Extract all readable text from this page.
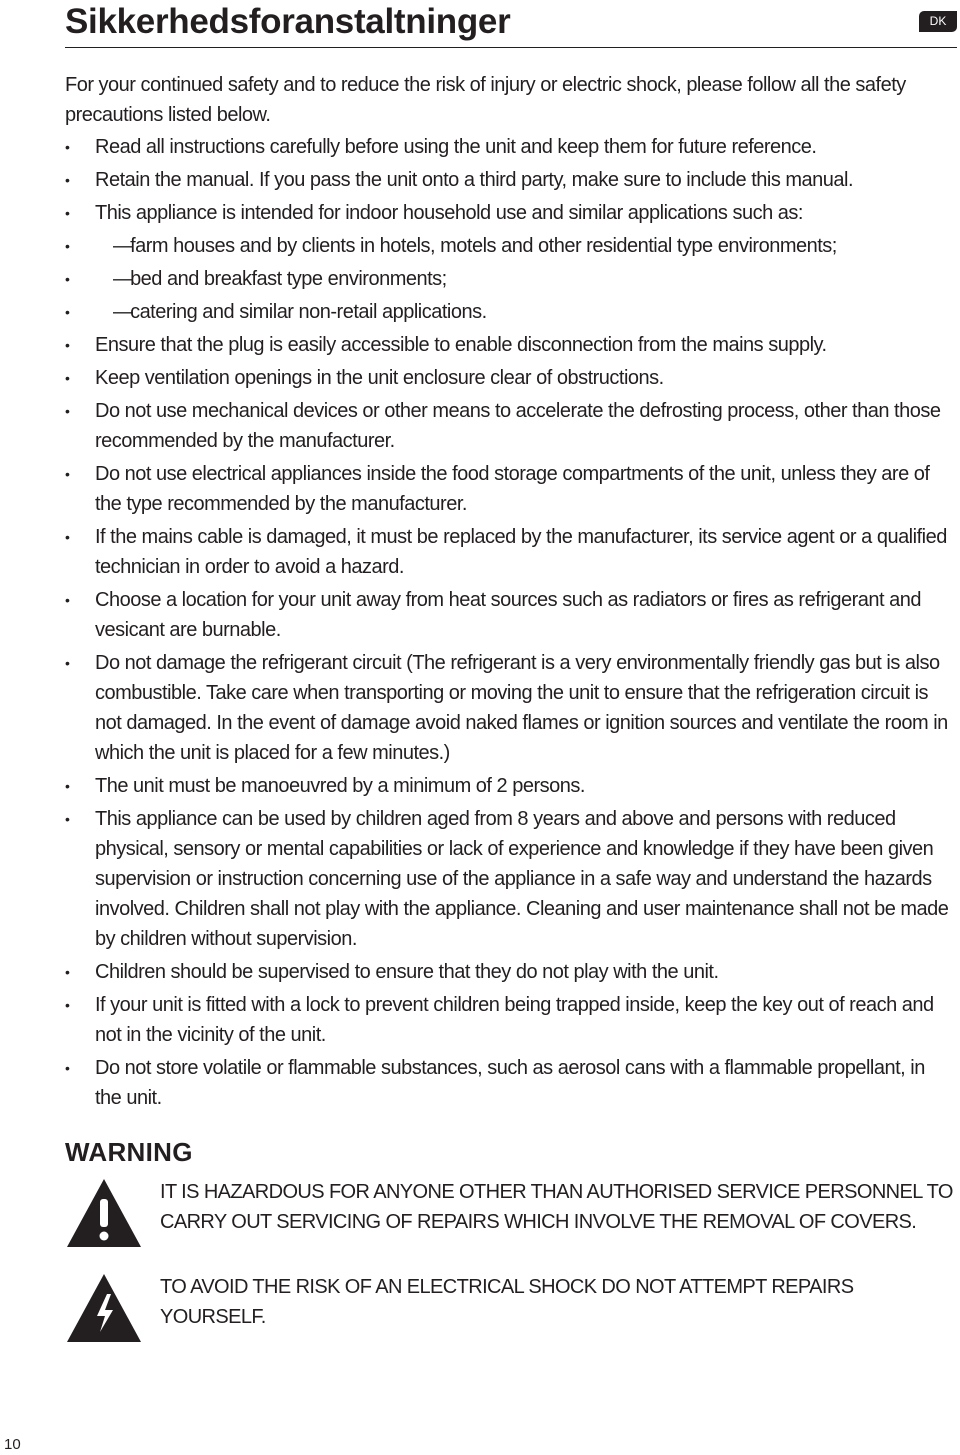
Sikkerhedsforanstaltninger	DK

For your continued safety and to reduce the risk of injury or electric shock, please follow all the safety precautions listed below.

• Read all instructions carefully before using the unit and keep them for future reference.
• Retain the manual. If you pass the unit onto a third party, make sure to include this manual.
• This appliance is intended for indoor household use and similar applications such as:
• — farm houses and by clients in hotels, motels and other residential type environments;
• — bed and breakfast type environments;
• — catering and similar non-retail applications.
• Ensure that the plug is easily accessible to enable disconnection from the mains supply.
• Keep ventilation openings in the unit enclosure clear of obstructions.
• Do not use mechanical devices or other means to accelerate the defrosting process, other than those recommended by the manufacturer.
• Do not use electrical appliances inside the food storage compartments of the unit, unless they are of the type recommended by the manufacturer.
• If the mains cable is damaged, it must be replaced by the manufacturer, its service agent or a qualified technician in order to avoid a hazard.
• Choose a location for your unit away from heat sources such as radiators or fires as refrigerant and vesicant are burnable.
• Do not damage the refrigerant circuit (The refrigerant is a very environmentally friendly gas but is also combustible. Take care when transporting or moving the unit to ensure that the refrigeration circuit is not damaged. In the event of damage avoid naked flames or ignition sources and ventilate the room in which the unit is placed for a few minutes.)
• The unit must be manoeuvred by a minimum of 2 persons.
• This appliance can be used by children aged from 8 years and above and persons with reduced physical, sensory or mental capabilities or lack of experience and knowledge if they have been given supervision or instruction concerning use of the appliance in a safe way and understand the hazards involved. Children shall not play with the appliance. Cleaning and user maintenance shall not be made by children without supervision.
• Children should be supervised to ensure that they do not play with the unit.
• If your unit is fitted with a lock to prevent children being trapped inside, keep the key out of reach and not in the vicinity of the unit.
• Do not store volatile or flammable substances, such as aerosol cans with a flammable propellant, in the unit.
WARNING
IT IS HAZARDOUS FOR ANYONE OTHER THAN AUTHORISED SERVICE PERSONNEL TO CARRY OUT SERVICING OF REPAIRS WHICH INVOLVE THE REMOVAL OF COVERS.
TO AVOID THE RISK OF AN ELECTRICAL SHOCK DO NOT ATTEMPT REPAIRS YOURSELF.
10
